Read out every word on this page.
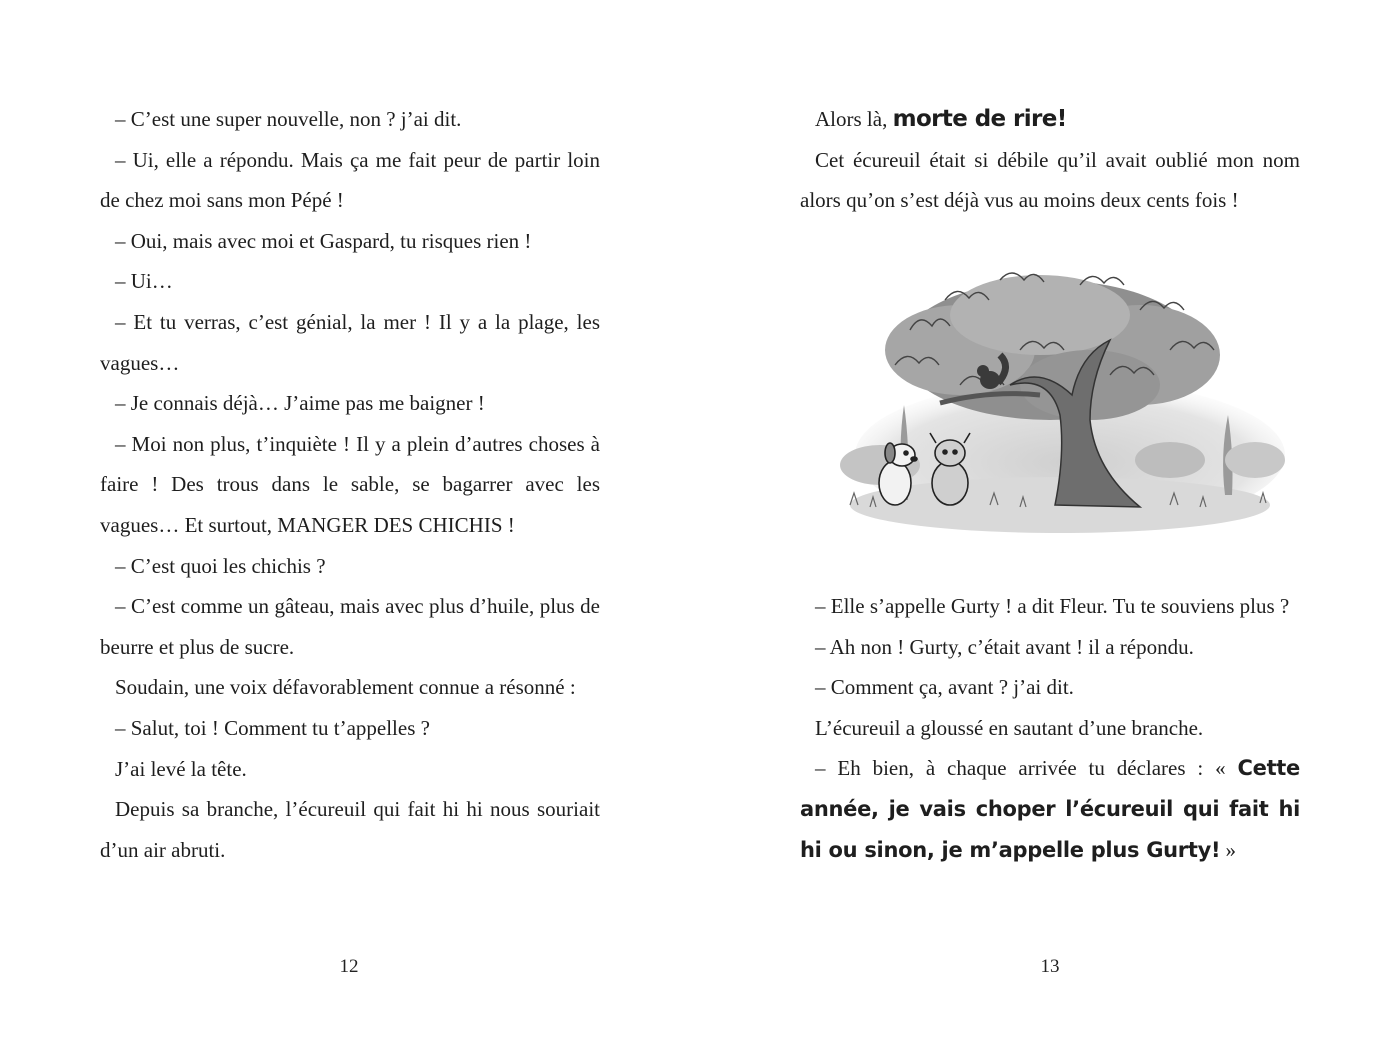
– C’est une super nouvelle, non ? j’ai dit.

– Ui, elle a répondu. Mais ça me fait peur de partir loin de chez moi sans mon Pépé !

– Oui, mais avec moi et Gaspard, tu risques rien !

– Ui…

– Et tu verras, c’est génial, la mer ! Il y a la plage, les vagues…

– Je connais déjà… J’aime pas me baigner !

– Moi non plus, t’inquiète ! Il y a plein d’autres choses à faire ! Des trous dans le sable, se bagarrer avec les vagues… Et surtout, MANGER DES CHICHIS !

– C’est quoi les chichis ?

– C’est comme un gâteau, mais avec plus d’huile, plus de beurre et plus de sucre.

Soudain, une voix défavorablement connue a résonné :

– Salut, toi ! Comment tu t’appelles ?

J’ai levé la tête.

Depuis sa branche, l’écureuil qui fait hi hi nous souriait d’un air abruti.

12

Alors là, morte de rire!

Cet écureuil était si débile qu’il avait oublié mon nom alors qu’on s’est déjà vus au moins deux cents fois !

– Elle s’appelle Gurty ! a dit Fleur. Tu te souviens plus ?

– Ah non ! Gurty, c’était avant ! il a répondu.

– Comment ça, avant ? j’ai dit.

L’écureuil a gloussé en sautant d’une branche.

– Eh bien, à chaque arrivée tu déclares : « Cette année, je vais choper l’écureuil qui fait hi hi ou sinon, je m’appelle plus Gurty! »

13
